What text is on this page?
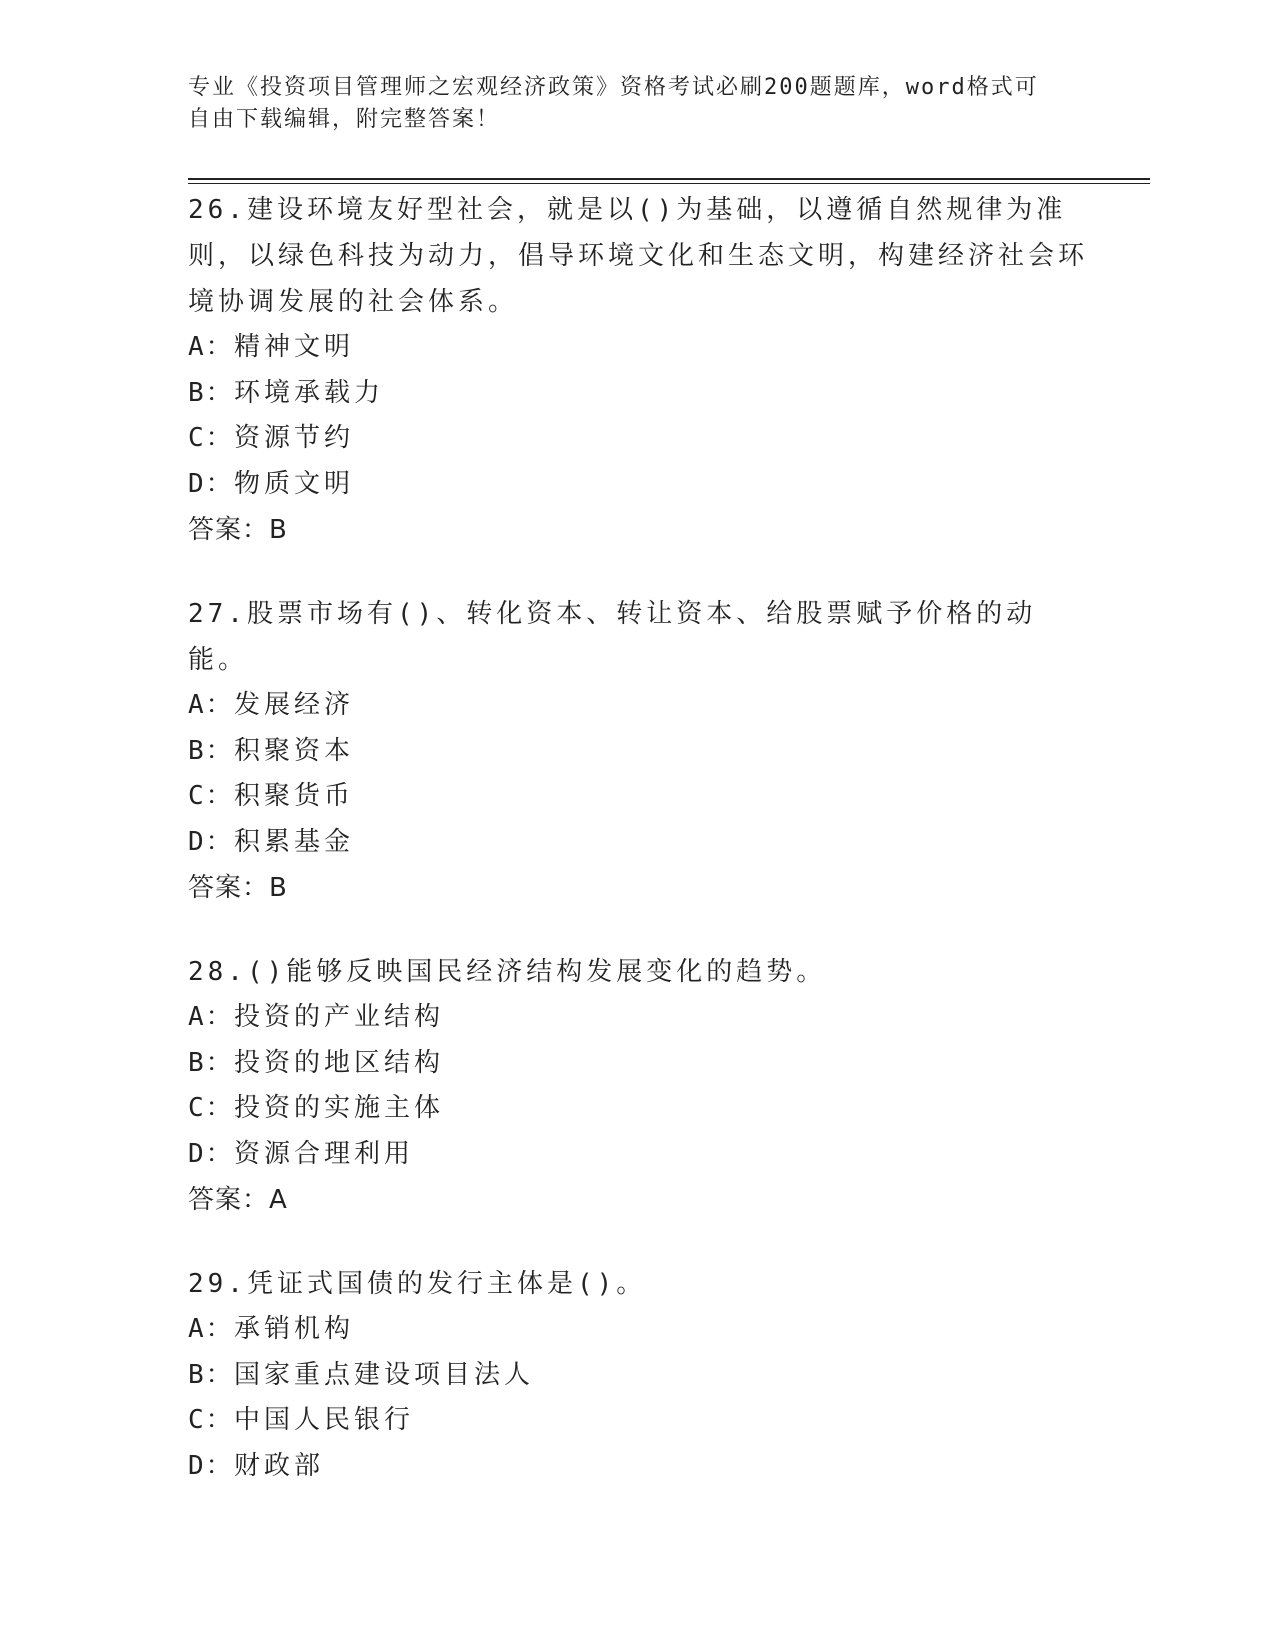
专业《投资项目管理师之宏观经济政策》资格考试必刷200题题库，word格式可
自由下载编辑，附完整答案！

26.建设环境友好型社会，就是以()为基础，以遵循自然规律为准则，以绿色科技为动力，倡导环境文化和生态文明，构建经济社会环境协调发展的社会体系。

A：精神文明

B：环境承载力

C：资源节约

D：物质文明

答案：B

27.股票市场有()、转化资本、转让资本、给股票赋予价格的动能。

A：发展经济

B：积聚资本

C：积聚货币

D：积累基金

答案：B

28.()能够反映国民经济结构发展变化的趋势。

A：投资的产业结构

B：投资的地区结构

C：投资的实施主体

D：资源合理利用

答案：A

29.凭证式国债的发行主体是()。

A：承销机构

B：国家重点建设项目法人

C：中国人民银行

D：财政部
